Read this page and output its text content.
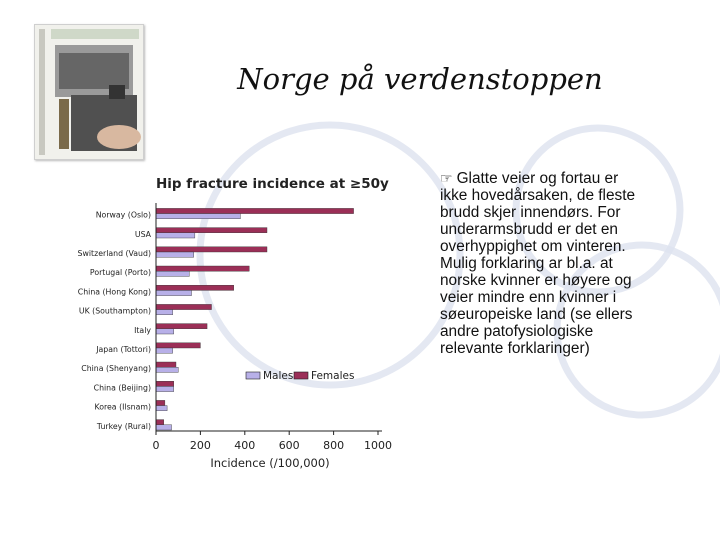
Norge på verdenstoppen
Hip fracture incidence at ≥50y
Norway (Oslo)
USA
Switzerland (Vaud)
Portugal (Porto)
China (Hong Kong)
UK (Southampton)
Italy
Japan (Tottori)
China (Shenyang)
China (Beijing)
Korea (Ilsnam)
Turkey (Rural)
0	200 400 600 800 1000
Incidence (/100,000)
Males Females
☞ Glatte veier og fortau er ikke hovedårsaken, de fleste brudd skjer innendørs. For underarmsbrudd er det en overhyppighet om vinteren. Mulig forklaring ar bl.a. at norske kvinner er høyere og veier mindre enn kvinner i søeuropeiske land (se ellers andre patofysiologiske relevante forklaringer)
